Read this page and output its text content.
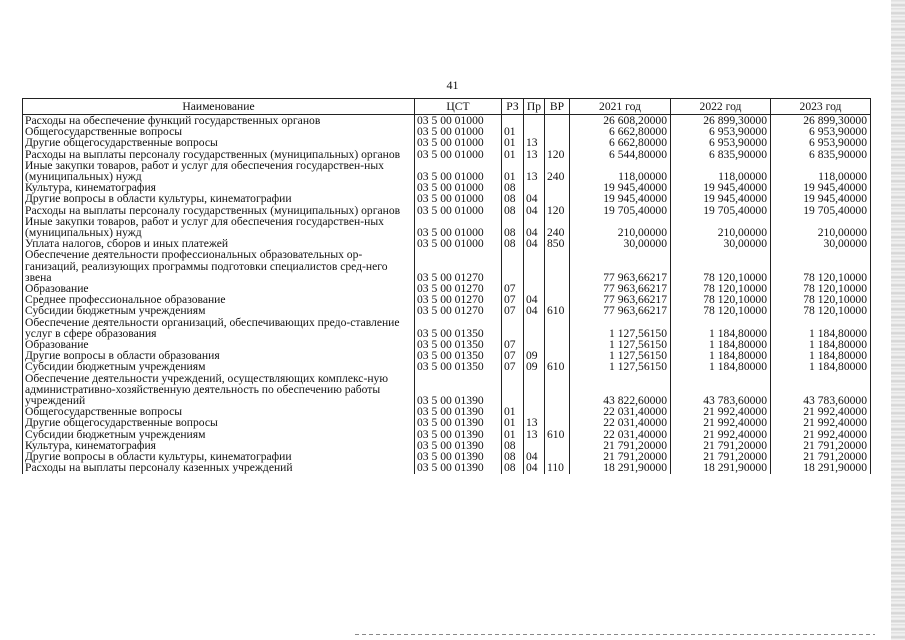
41
Наименование	ЦСТ	РЗ	Пр	ВР	2021 год	2022 год	2023 год
Расходы на обеспечение функций государственных органов	03 5 00 01000				26 608,20000	26 899,30000	26 899,30000
Общегосударственные вопросы	03 5 00 01000	01			6 662,80000	6 953,90000	6 953,90000
Другие общегосударственные вопросы	03 5 00 01000	01	13		6 662,80000	6 953,90000	6 953,90000
Расходы на выплаты персоналу государственных (муниципальных) органов	03 5 00 01000	01	13	120	6 544,80000	6 835,90000	6 835,90000
Иные закупки товаров, работ и услуг для обеспечения государствен-ных (муниципальных) нужд	03 5 00 01000	01	13	240	118,00000	118,00000	118,00000
Культура, кинематография	03 5 00 01000	08			19 945,40000	19 945,40000	19 945,40000
Другие вопросы в области культуры, кинематографии	03 5 00 01000	08	04		19 945,40000	19 945,40000	19 945,40000
Расходы на выплаты персоналу государственных (муниципальных) органов	03 5 00 01000	08	04	120	19 705,40000	19 705,40000	19 705,40000
Иные закупки товаров, работ и услуг для обеспечения государствен-ных (муниципальных) нужд	03 5 00 01000	08	04	240	210,00000	210,00000	210,00000
Уплата налогов, сборов и иных платежей	03 5 00 01000	08	04	850	30,00000	30,00000	30,00000
Обеспечение деятельности профессиональных образовательных ор-ганизаций, реализующих программы подготовки специалистов сред-него звена	03 5 00 01270				77 963,66217	78 120,10000	78 120,10000
Образование	03 5 00 01270	07			77 963,66217	78 120,10000	78 120,10000
Среднее профессиональное образование	03 5 00 01270	07	04		77 963,66217	78 120,10000	78 120,10000
Субсидии бюджетным учреждениям	03 5 00 01270	07	04	610	77 963,66217	78 120,10000	78 120,10000
Обеспечение деятельности организаций, обеспечивающих предо-ставление услуг в сфере образования	03 5 00 01350				1 127,56150	1 184,80000	1 184,80000
Образование	03 5 00 01350	07			1 127,56150	1 184,80000	1 184,80000
Другие вопросы в области образования	03 5 00 01350	07	09		1 127,56150	1 184,80000	1 184,80000
Субсидии бюджетным учреждениям	03 5 00 01350	07	09	610	1 127,56150	1 184,80000	1 184,80000
Обеспечение деятельности учреждений, осуществляющих комплекс-ную административно-хозяйственную деятельность по обеспечению работы учреждений	03 5 00 01390				43 822,60000	43 783,60000	43 783,60000
Общегосударственные вопросы	03 5 00 01390	01			22 031,40000	21 992,40000	21 992,40000
Другие общегосударственные вопросы	03 5 00 01390	01	13		22 031,40000	21 992,40000	21 992,40000
Субсидии бюджетным учреждениям	03 5 00 01390	01	13	610	22 031,40000	21 992,40000	21 992,40000
Культура, кинематография	03 5 00 01390	08			21 791,20000	21 791,20000	21 791,20000
Другие вопросы в области культуры, кинематографии	03 5 00 01390	08	04		21 791,20000	21 791,20000	21 791,20000
Расходы на выплаты персоналу казенных учреждений	03 5 00 01390	08	04	110	18 291,90000	18 291,90000	18 291,90000
